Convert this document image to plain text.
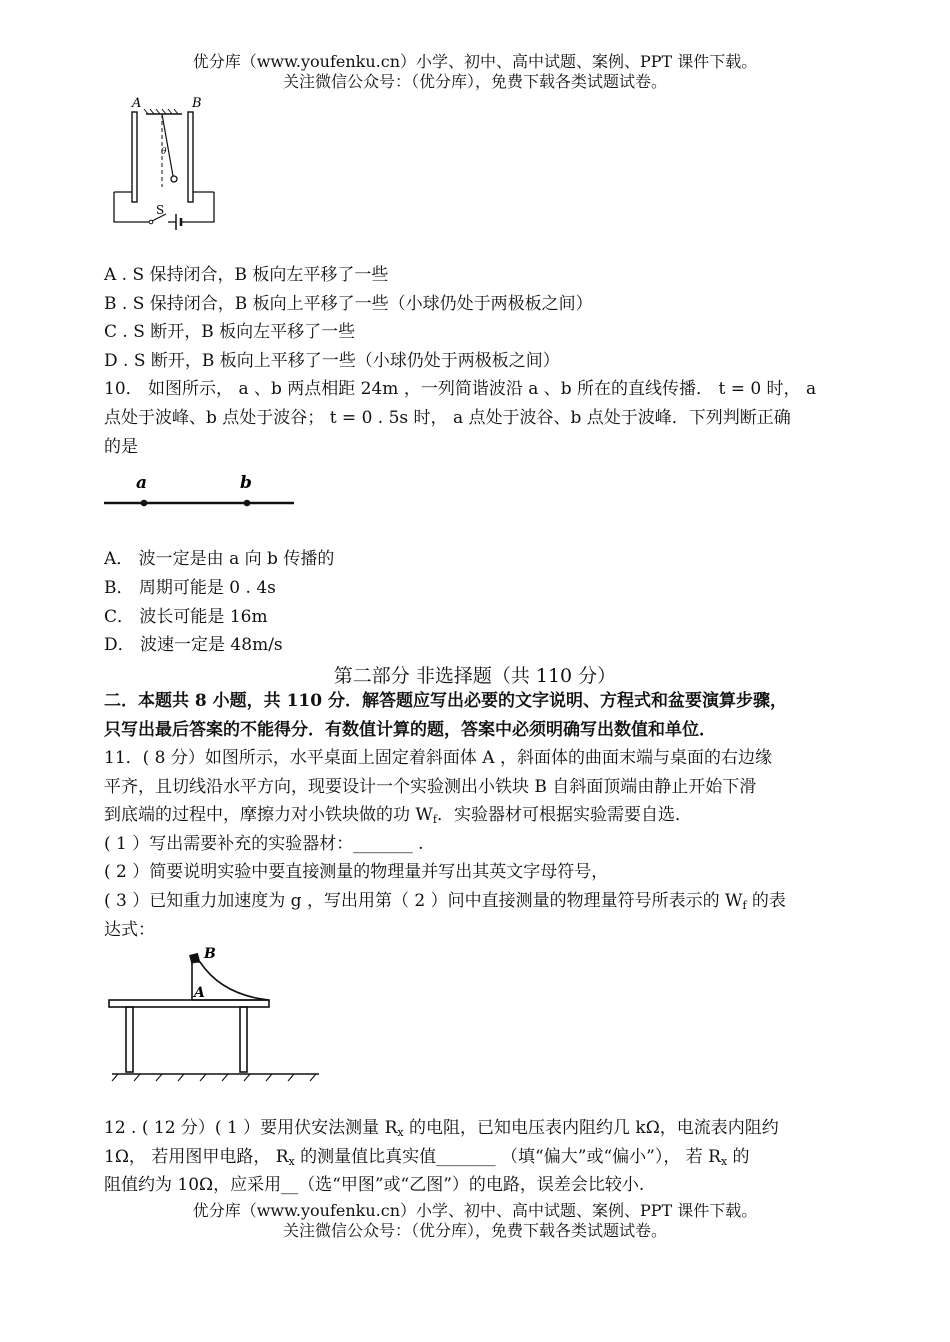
优分库（www.youfenku.cn）小学、初中、高中试题、案例、PPT 课件下载。
关注微信公众号：（优分库），免费下载各类试题试卷。
A	B
θ
S
A . S 保持闭合，B 板向左平移了一些
B . S 保持闭合，B 板向上平移了一些（小球仍处于两极板之间）
C . S 断开，B 板向左平移了一些
D . S 断开，B 板向上平移了一些（小球仍处于两极板之间）
10． 如图所示， a 、b 两点相距 24m ，一列简谐波沿 a 、b 所在的直线传播． t = 0 时， a
点处于波峰、b 点处于波谷； t = 0 . 5s 时， a 点处于波谷、b 点处于波峰．下列判断正确
的是
a	b
A． 波一定是由 a 向 b 传播的
B． 周期可能是 0 . 4s
C． 波长可能是 16m
D． 波速一定是 48m/s
第二部分 非选择题（共 110 分）
二．本题共 8 小题，共 110 分．解答题应写出必要的文字说明、方程式和盆要演算步骤，
只写出最后答案的不能得分．有数值计算的题，答案中必须明确写出数值和单位．
11．( 8 分）如图所示，水平桌面上固定着斜面体 A ，斜面体的曲面末端与桌面的右边缘
平齐，且切线沿水平方向，现要设计一个实验测出小铁块 B 自斜面顶端由静止开始下滑
到底端的过程中，摩擦力对小铁块做的功 $W_f$．实验器材可根据实验需要自选．
( 1 ）写出需要补充的实验器材：_______ .
( 2 ）简要说明实验中要直接测量的物理量并写出其英文字母符号，
( 3 ）已知重力加速度为 g ，写出用第（ 2 ）问中直接测量的物理量符号所表示的 $W_f$ 的表
达式：
B
A
12 . ( 12 分）( 1 ）要用伏安法测量 $R_x$ 的电阻，已知电压表内阻约几 kΩ，电流表内阻约
1Ω， 若用图甲电路， $R_x$ 的测量值比真实值_______ （填“偏大”或“偏小”）， 若 $R_x$ 的
阻值约为 10Ω，应采用__（选“甲图”或“乙图”）的电路，误差会比较小.
优分库（www.youfenku.cn）小学、初中、高中试题、案例、PPT 课件下载。
关注微信公众号：（优分库），免费下载各类试题试卷。
